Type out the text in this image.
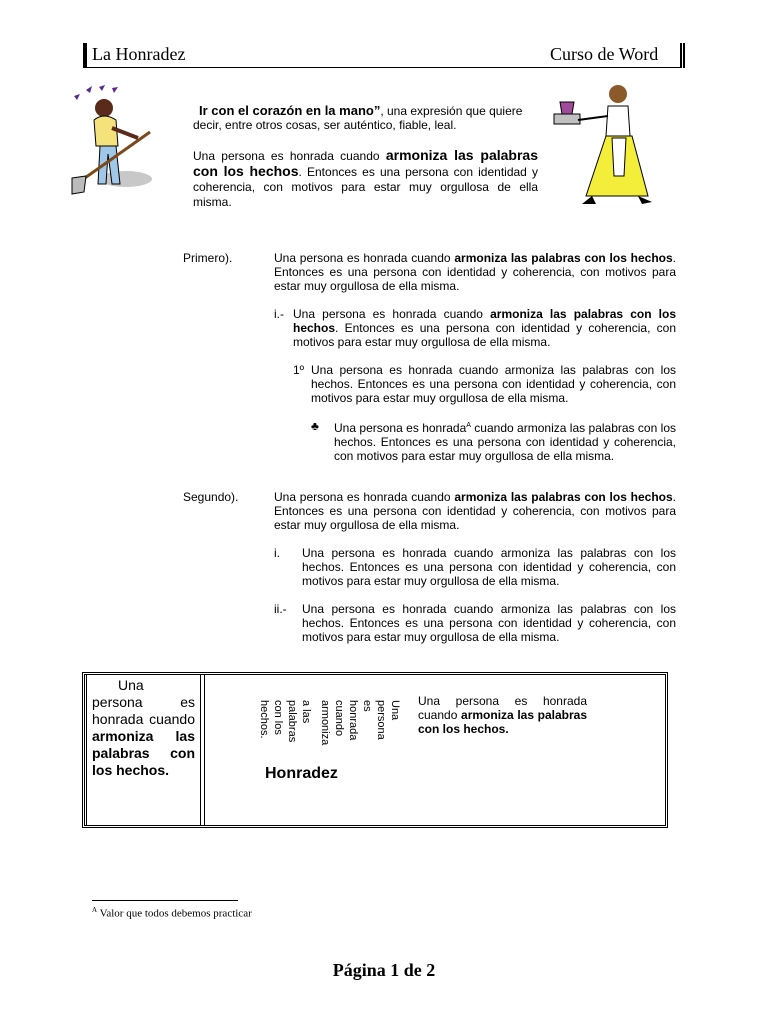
La Honradez	Curso de Word

Ir con el corazón en la mano”, una expresión que quiere decir, entre otros cosas, ser auténtico, fiable, leal.

Una persona es honrada cuando armoniza las palabras con los hechos. Entonces es una persona con identidad y coherencia, con motivos para estar muy orgullosa de ella misma.

Primero).	Una persona es honrada cuando armoniza las palabras con los hechos. Entonces es una persona con identidad y coherencia, con motivos para estar muy orgullosa de ella misma.
i.- Una persona es honrada cuando armoniza las palabras con los hechos. Entonces es una persona con identidad y coherencia, con motivos para estar muy orgullosa de ella misma.
1º Una persona es honrada cuando armoniza las palabras con los hechos. Entonces es una persona con identidad y coherencia, con motivos para estar muy orgullosa de ella misma.
♣ Una persona es honrada$^A$ cuando armoniza las palabras con los hechos. Entonces es una persona con identidad y coherencia, con motivos para estar muy orgullosa de ella misma.
Segundo).	Una persona es honrada cuando armoniza las palabras con los hechos. Entonces es una persona con identidad y coherencia, con motivos para estar muy orgullosa de ella misma.
i. Una persona es honrada cuando armoniza las palabras con los hechos. Entonces es una persona con identidad y coherencia, con motivos para estar muy orgullosa de ella misma.
ii.- Una persona es honrada cuando armoniza las palabras con los hechos. Entonces es una persona con identidad y coherencia, con motivos para estar muy orgullosa de ella misma.
Una persona es honrada cuando armoniza las palabras con los hechos.
Una
persona
es
honrada
cuando
armoniza
a las
palabras
con los
hechos.
Honradez
Una persona es honrada cuando armoniza las palabras con los hechos.
$^A$ Valor que todos debemos practicar
Página 1 de 2
